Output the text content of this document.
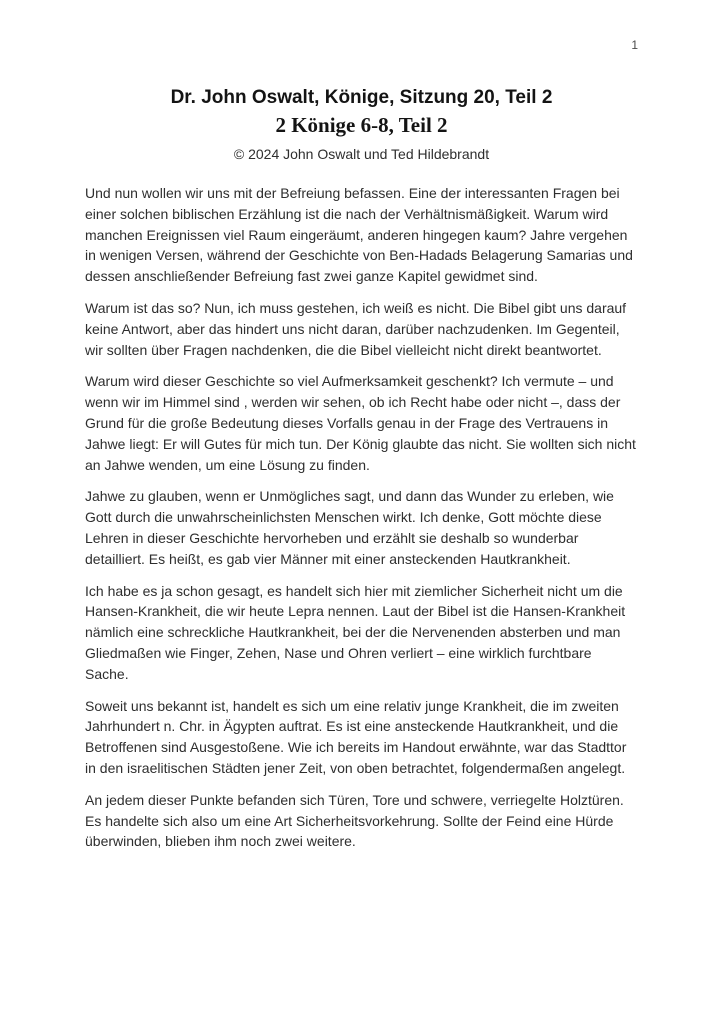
1
Dr. John Oswalt, Könige, Sitzung 20, Teil 2
2 Könige 6-8, Teil 2
© 2024 John Oswalt und Ted Hildebrandt

Und nun wollen wir uns mit der Befreiung befassen. Eine der interessanten Fragen bei einer solchen biblischen Erzählung ist die nach der Verhältnismäßigkeit. Warum wird manchen Ereignissen viel Raum eingeräumt, anderen hingegen kaum? Jahre vergehen in wenigen Versen, während der Geschichte von Ben-Hadads Belagerung Samarias und dessen anschließender Befreiung fast zwei ganze Kapitel gewidmet sind.

Warum ist das so? Nun, ich muss gestehen, ich weiß es nicht. Die Bibel gibt uns darauf keine Antwort, aber das hindert uns nicht daran, darüber nachzudenken. Im Gegenteil, wir sollten über Fragen nachdenken, die die Bibel vielleicht nicht direkt beantwortet.

Warum wird dieser Geschichte so viel Aufmerksamkeit geschenkt? Ich vermute – und wenn wir im Himmel sind , werden wir sehen, ob ich Recht habe oder nicht –, dass der Grund für die große Bedeutung dieses Vorfalls genau in der Frage des Vertrauens in Jahwe liegt: Er will Gutes für mich tun. Der König glaubte das nicht. Sie wollten sich nicht an Jahwe wenden, um eine Lösung zu finden.

Jahwe zu glauben, wenn er Unmögliches sagt, und dann das Wunder zu erleben, wie Gott durch die unwahrscheinlichsten Menschen wirkt. Ich denke, Gott möchte diese Lehren in dieser Geschichte hervorheben und erzählt sie deshalb so wunderbar detailliert. Es heißt, es gab vier Männer mit einer ansteckenden Hautkrankheit.

Ich habe es ja schon gesagt, es handelt sich hier mit ziemlicher Sicherheit nicht um die Hansen-Krankheit, die wir heute Lepra nennen. Laut der Bibel ist die Hansen-Krankheit nämlich eine schreckliche Hautkrankheit, bei der die Nervenenden absterben und man Gliedmaßen wie Finger, Zehen, Nase und Ohren verliert – eine wirklich furchtbare Sache.

Soweit uns bekannt ist, handelt es sich um eine relativ junge Krankheit, die im zweiten Jahrhundert n. Chr. in Ägypten auftrat. Es ist eine ansteckende Hautkrankheit, und die Betroffenen sind Ausgestoßene. Wie ich bereits im Handout erwähnte, war das Stadttor in den israelitischen Städten jener Zeit, von oben betrachtet, folgendermaßen angelegt.

An jedem dieser Punkte befanden sich Türen, Tore und schwere, verriegelte Holztüren. Es handelte sich also um eine Art Sicherheitsvorkehrung. Sollte der Feind eine Hürde überwinden, blieben ihm noch zwei weitere.
